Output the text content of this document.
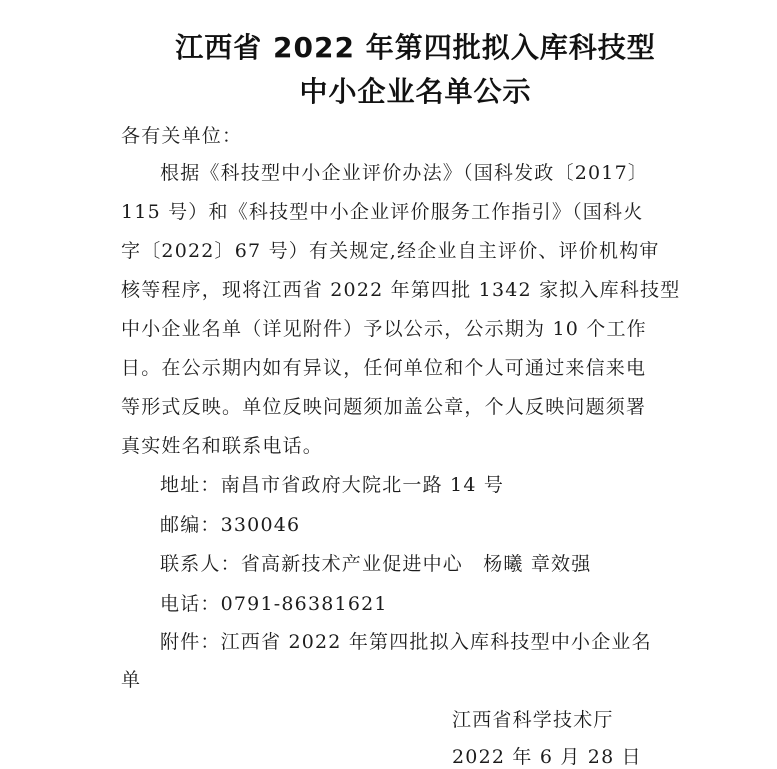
江西省 2022 年第四批拟入库科技型
中小企业名单公示
各有关单位：
根据《科技型中小企业评价办法》（国科发政〔2017〕
115 号）和《科技型中小企业评价服务工作指引》（国科火
字〔2022〕67 号）有关规定,经企业自主评价、评价机构审
核等程序，现将江西省 2022 年第四批 1342 家拟入库科技型
中小企业名单（详见附件）予以公示，公示期为 10 个工作
日。在公示期内如有异议，任何单位和个人可通过来信来电
等形式反映。单位反映问题须加盖公章，个人反映问题须署
真实姓名和联系电话。
地址：南昌市省政府大院北一路 14 号
邮编：330046
联系人：省高新技术产业促进中心　杨曦 章效强
电话：0791-86381621
附件：江西省 2022 年第四批拟入库科技型中小企业名
单
江西省科学技术厅
2022 年 6 月 28 日
